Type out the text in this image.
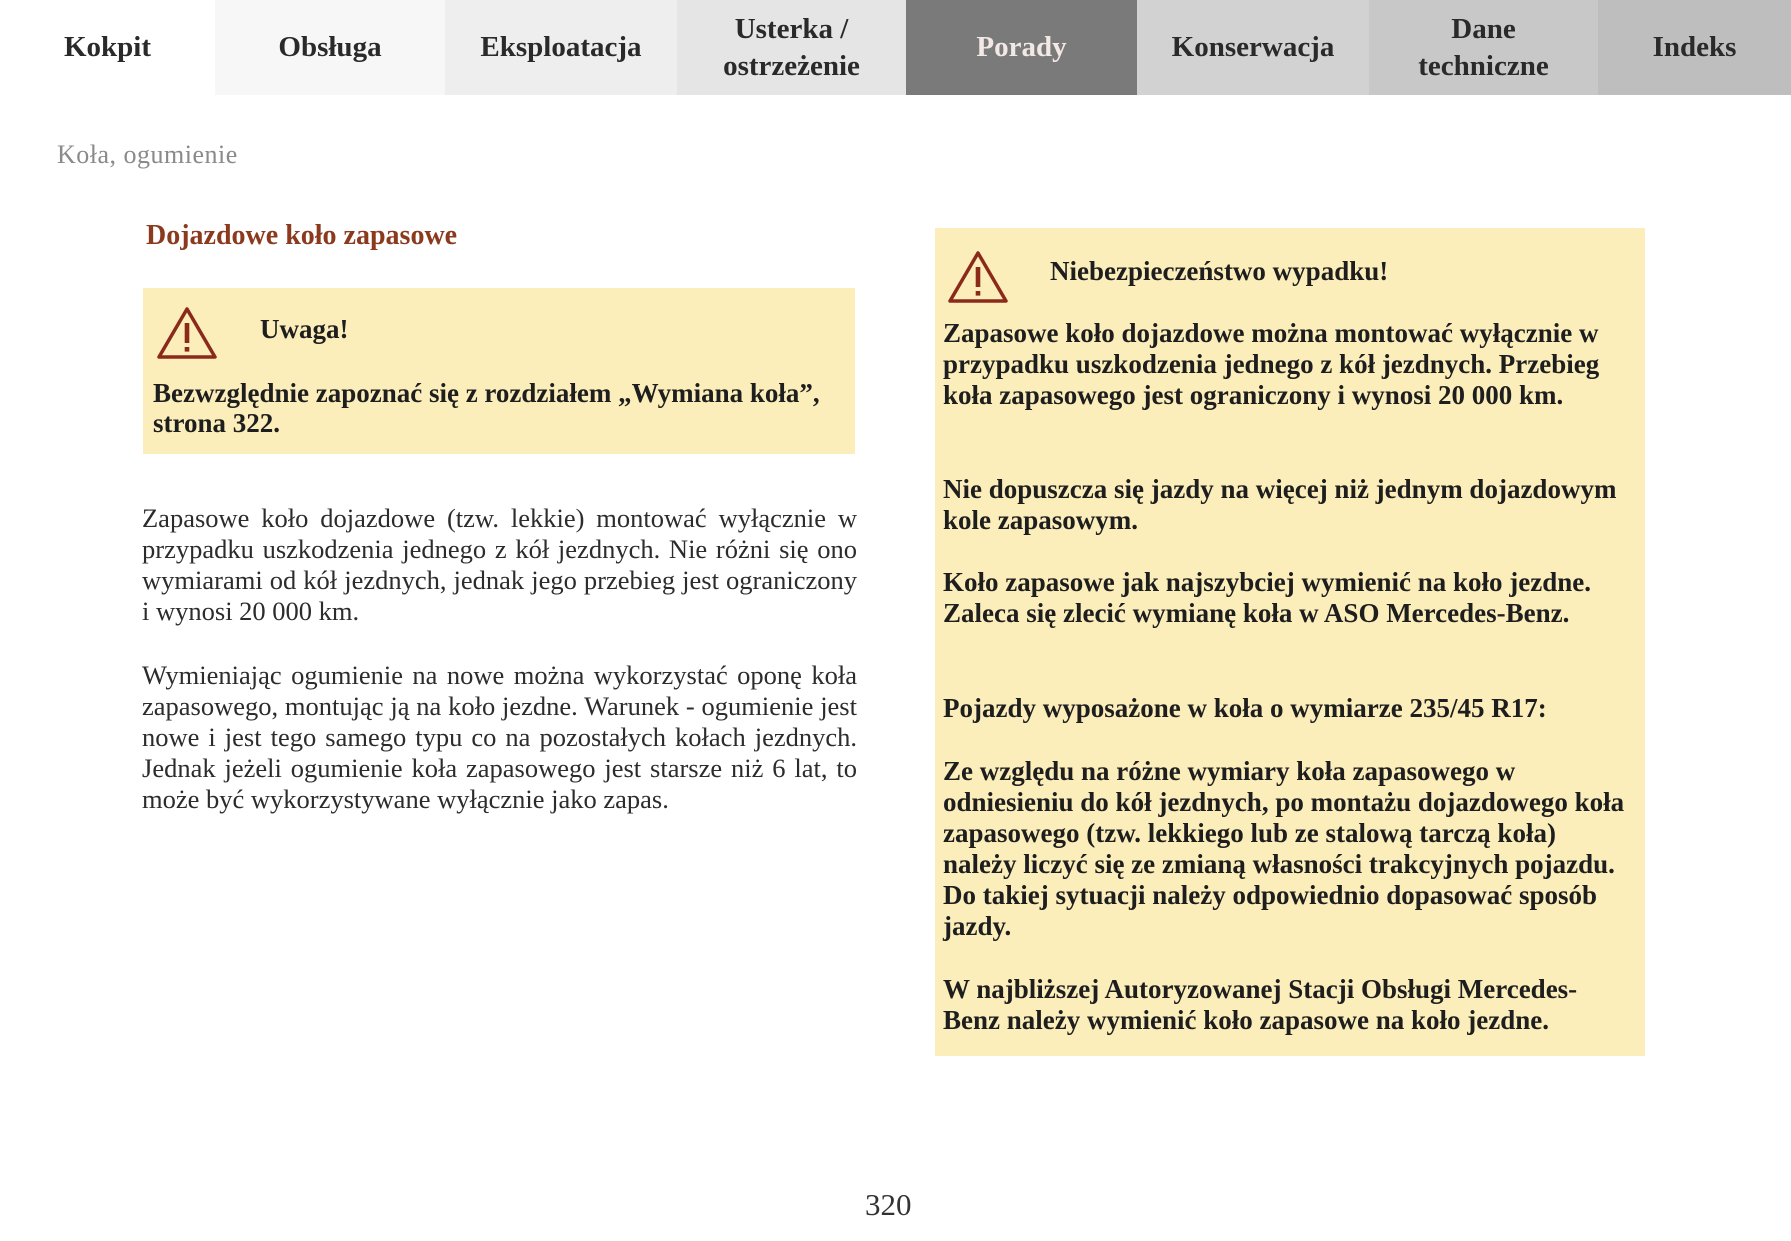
Kokpit	Obsługa	Eksploatacja
Usterka /
ostrzeżenie
Porady	Konserwacja
Dane
techniczne
Indeks
Koła, ogumienie
Dojazdowe koło zapasowe
Uwaga!
Bezwzględnie zapoznać się z rozdziałem „Wymiana koła”, strona 322.
Zapasowe koło dojazdowe (tzw. lekkie) montować wyłącznie w przypadku uszkodzenia jednego z kół jezdnych. Nie różni się ono wymiarami od kół jezdnych, jednak jego przebieg jest ograniczony i wynosi 20 000 km.
Wymieniając ogumienie na nowe można wykorzystać oponę koła zapasowego, montując ją na koło jezdne. Warunek - ogumienie jest nowe i jest tego samego typu co na pozostałych kołach jezdnych. Jednak jeżeli ogumienie koła zapasowego jest starsze niż 6 lat, to może być wykorzystywane wyłącznie jako zapas.
Niebezpieczeństwo wypadku!
Zapasowe koło dojazdowe można montować wyłącznie w przypadku uszkodzenia jednego z kół jezdnych. Przebieg koła zapasowego jest ograniczony i wynosi 20 000 km.
Nie dopuszcza się jazdy na więcej niż jednym dojazdowym kole zapasowym.
Koło zapasowe jak najszybciej wymienić na koło jezdne. Zaleca się zlecić wymianę koła w ASO Mercedes-Benz.
Pojazdy wyposażone w koła o wymiarze 235/45 R17:
Ze względu na różne wymiary koła zapasowego w odniesieniu do kół jezdnych, po montażu dojazdowego koła zapasowego (tzw. lekkiego lub ze stalową tarczą koła) należy liczyć się ze zmianą własności trakcyjnych pojazdu. Do takiej sytuacji należy odpowiednio dopasować sposób jazdy.
W najbliższej Autoryzowanej Stacji Obsługi Mercedes-Benz należy wymienić koło zapasowe na koło jezdne.
320
